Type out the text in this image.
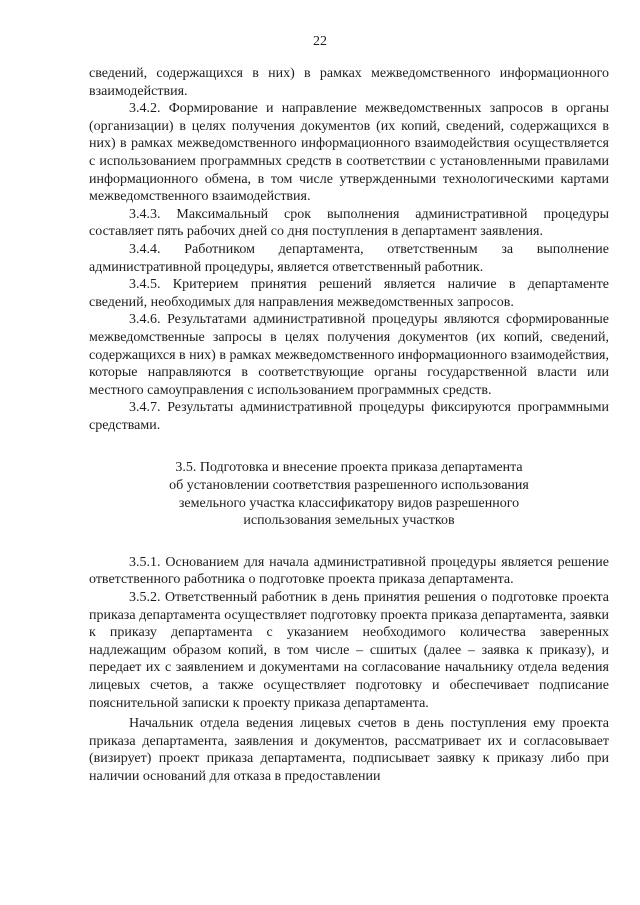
22

сведений, содержащихся в них) в рамках межведомственного информационного взаимодействия.

3.4.2. Формирование и направление межведомственных запросов в органы (организации) в целях получения документов (их копий, сведений, содержащихся в них) в рамках межведомственного информационного взаимодействия осуществляется с использованием программных средств в соответствии с установленными правилами информационного обмена, в том числе утвержденными технологическими картами межведомственного взаимодействия.

3.4.3. Максимальный срок выполнения административной процедуры составляет пять рабочих дней со дня поступления в департамент заявления.

3.4.4. Работником департамента, ответственным за выполнение административной процедуры, является ответственный работник.

3.4.5. Критерием принятия решений является наличие в департаменте сведений, необходимых для направления межведомственных запросов.

3.4.6. Результатами административной процедуры являются сформированные межведомственные запросы в целях получения документов (их копий, сведений, содержащихся в них) в рамках межведомственного информационного взаимодействия, которые направляются в соответствующие органы государственной власти или местного самоуправления с использованием программных средств.

3.4.7. Результаты административной процедуры фиксируются программными средствами.

3.5. Подготовка и внесение проекта приказа департамента
об установлении соответствия разрешенного использования
земельного участка классификатору видов разрешенного
использования земельных участков

3.5.1. Основанием для начала административной процедуры является решение ответственного работника о подготовке проекта приказа департамента.

3.5.2. Ответственный работник в день принятия решения о подготовке проекта приказа департамента осуществляет подготовку проекта приказа департамента, заявки к приказу департамента с указанием необходимого количества заверенных надлежащим образом копий, в том числе – сшитых (далее – заявка к приказу), и передает их с заявлением и документами на согласование начальнику отдела ведения лицевых счетов, а также осуществляет подготовку и обеспечивает подписание пояснительной записки к проекту приказа департамента.

Начальник отдела ведения лицевых счетов в день поступления ему проекта приказа департамента, заявления и документов, рассматривает их и согласовывает (визирует) проект приказа департамента, подписывает заявку к приказу либо при наличии оснований для отказа в предоставлении
